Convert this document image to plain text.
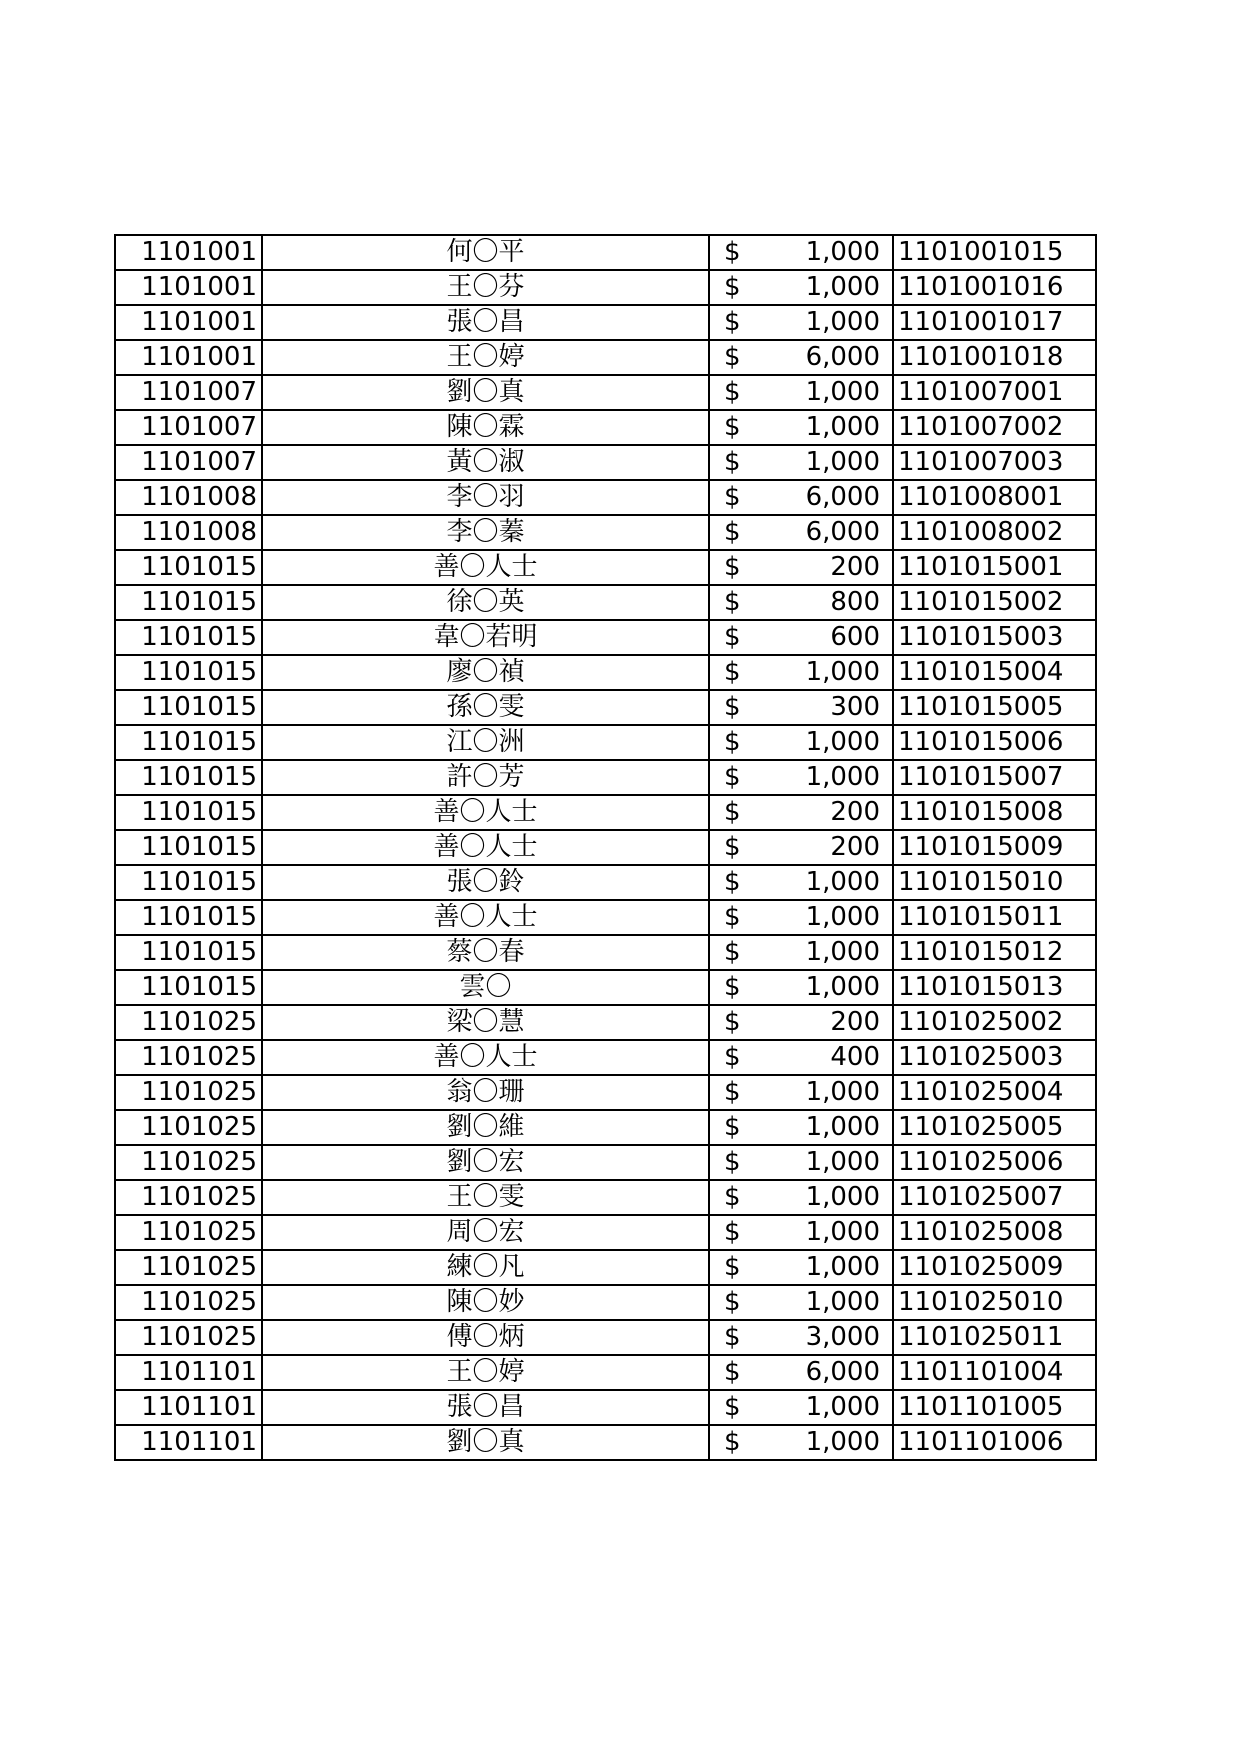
1101001	何〇平	$	1,000	1101001015
1101001	王〇芬	$	1,000	1101001016
1101001	張〇昌	$	1,000	1101001017
1101001	王〇婷	$	6,000	1101001018
1101007	劉〇真	$	1,000	1101007001
1101007	陳〇霖	$	1,000	1101007002
1101007	黃〇淑	$	1,000	1101007003
1101008	李〇羽	$	6,000	1101008001
1101008	李〇蓁	$	6,000	1101008002
1101015	善〇人士	$	200	1101015001
1101015	徐〇英	$	800	1101015002
1101015	韋〇若明	$	600	1101015003
1101015	廖〇禎	$	1,000	1101015004
1101015	孫〇雯	$	300	1101015005
1101015	江〇洲	$	1,000	1101015006
1101015	許〇芳	$	1,000	1101015007
1101015	善〇人士	$	200	1101015008
1101015	善〇人士	$	200	1101015009
1101015	張〇鈴	$	1,000	1101015010
1101015	善〇人士	$	1,000	1101015011
1101015	蔡〇春	$	1,000	1101015012
1101015	雲〇	$	1,000	1101015013
1101025	梁〇慧	$	200	1101025002
1101025	善〇人士	$	400	1101025003
1101025	翁〇珊	$	1,000	1101025004
1101025	劉〇維	$	1,000	1101025005
1101025	劉〇宏	$	1,000	1101025006
1101025	王〇雯	$	1,000	1101025007
1101025	周〇宏	$	1,000	1101025008
1101025	練〇凡	$	1,000	1101025009
1101025	陳〇妙	$	1,000	1101025010
1101025	傅〇炳	$	3,000	1101025011
1101101	王〇婷	$	6,000	1101101004
1101101	張〇昌	$	1,000	1101101005
1101101	劉〇真	$	1,000	1101101006
